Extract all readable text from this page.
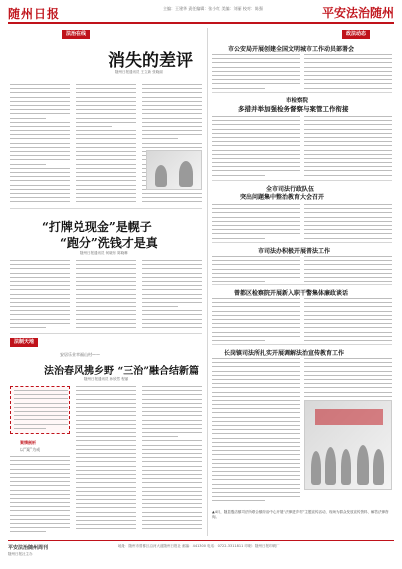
随州日报	主编：王建华 责任编辑：张小红 美编：刘丽 校对：陈强	平安法治随州
法治在线
消失的差评
随州日报通讯员 王立新 张晓丽
“打牌兑现金”是幌子
“跑分”洗钱才是真
随州日报通讯员 何晓东 陈晓琳
法制天地
安居乐业幸福山村——
法治春风拂乡野 “三治”融合结新篇
随州日报通讯员 孙欣然 程丽
案情剖析
以“案”为戒
政法动态
市公安局开展创建全国文明城市工作动员部署会
市检察院
多措并举加强检务督察与案管工作衔接
全市司法行政队伍
突出问题集中整治教育大会召开
市司法办积极开展普法工作
曾都区检察院开展新入职干警集体廉政谈话
长岗镇司法所扎实开展调解法治宣传教育工作
▲4月，随县殷店镇司法所联合镇综治中心开展“法律进乡村”主题宣传活动，现场为群众发放宣传资料、解答法律咨询。
平安法治随州周刊
随州日报社主办
地址：随州市曾都区沿河大道随州日报社 邮编：441300 电话：0722-3311811 印刷：随州日报印刷厂
